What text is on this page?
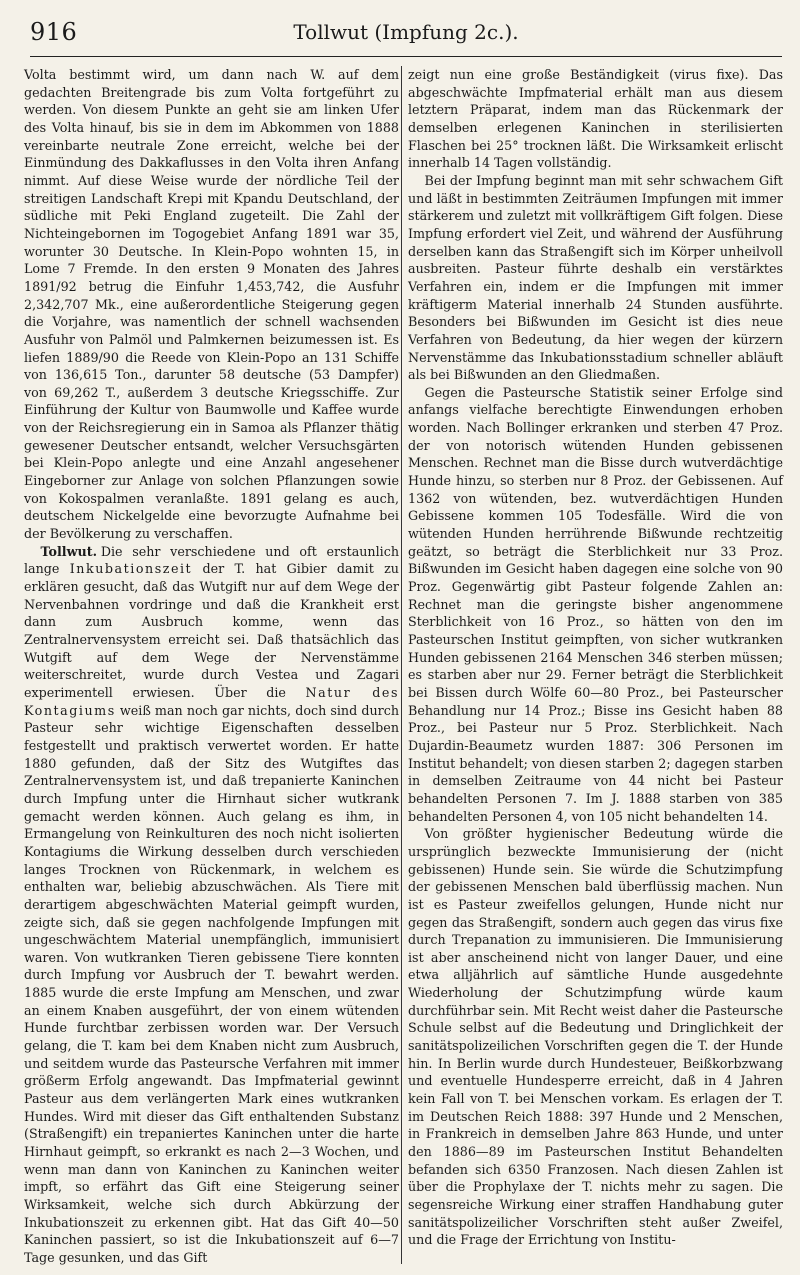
916	Tollwut (Impfung 2c.).

Volta bestimmt wird, um dann nach W. auf dem gedachten Breitengrade bis zum Volta fortgeführt zu werden. Von diesem Punkte an geht sie am linken Ufer des Volta hinauf, bis sie in dem im Abkommen von 1888 vereinbarte neutrale Zone erreicht, welche bei der Einmündung des Dakkaflusses in den Volta ihren Anfang nimmt. Auf diese Weise wurde der nördliche Teil der streitigen Landschaft Krepi mit Kpandu Deutschland, der südliche mit Peki England zugeteilt. Die Zahl der Nichteingebornen im Togogebiet Anfang 1891 war 35, worunter 30 Deutsche. In Klein-Popo wohnten 15, in Lome 7 Fremde. In den ersten 9 Monaten des Jahres 1891/92 betrug die Einfuhr 1,453,742, die Ausfuhr 2,342,707 Mk., eine außerordentliche Steigerung gegen die Vorjahre, was namentlich der schnell wachsenden Ausfuhr von Palmöl und Palmkernen beizumessen ist. Es liefen 1889/90 die Reede von Klein-Popo an 131 Schiffe von 136,615 Ton., darunter 58 deutsche (53 Dampfer) von 69,262 T., außerdem 3 deutsche Kriegsschiffe. Zur Einführung der Kultur von Baumwolle und Kaffee wurde von der Reichsregierung ein in Samoa als Pflanzer thätig gewesener Deutscher entsandt, welcher Versuchsgärten bei Klein-Popo anlegte und eine Anzahl angesehener Eingeborner zur Anlage von solchen Pflanzungen sowie von Kokospalmen veranlaßte. 1891 gelang es auch, deutschem Nickelgelde eine bevorzugte Aufnahme bei der Bevölkerung zu verschaffen.

Tollwut. Die sehr verschiedene und oft erstaunlich lange Inkubationszeit der T. hat Gibier damit zu erklären gesucht, daß das Wutgift nur auf dem Wege der Nervenbahnen vordringe und daß die Krankheit erst dann zum Ausbruch komme, wenn das Zentralnervensystem erreicht sei. Daß thatsächlich das Wutgift auf dem Wege der Nervenstämme weiterschreitet, wurde durch Vestea und Zagari experimentell erwiesen. Über die Natur des Kontagiums weiß man noch gar nichts, doch sind durch Pasteur sehr wichtige Eigenschaften desselben festgestellt und praktisch verwertet worden. Er hatte 1880 gefunden, daß der Sitz des Wutgiftes das Zentralnervensystem ist, und daß trepanierte Kaninchen durch Impfung unter die Hirnhaut sicher wutkrank gemacht werden können. Auch gelang es ihm, in Ermangelung von Reinkulturen des noch nicht isolierten Kontagiums die Wirkung desselben durch verschieden langes Trocknen von Rückenmark, in welchem es enthalten war, beliebig abzuschwächen. Als Tiere mit derartigem abgeschwächten Material geimpft wurden, zeigte sich, daß sie gegen nachfolgende Impfungen mit ungeschwächtem Material unempfänglich, immunisiert waren. Von wutkranken Tieren gebissene Tiere konnten durch Impfung vor Ausbruch der T. bewahrt werden. 1885 wurde die erste Impfung am Menschen, und zwar an einem Knaben ausgeführt, der von einem wütenden Hunde furchtbar zerbissen worden war. Der Versuch gelang, die T. kam bei dem Knaben nicht zum Ausbruch, und seitdem wurde das Pasteursche Verfahren mit immer größerm Erfolg angewandt. Das Impfmaterial gewinnt Pasteur aus dem verlängerten Mark eines wutkranken Hundes. Wird mit dieser das Gift enthaltenden Substanz (Straßengift) ein trepaniertes Kaninchen unter die harte Hirnhaut geimpft, so erkrankt es nach 2—3 Wochen, und wenn man dann von Kaninchen zu Kaninchen weiter impft, so erfährt das Gift eine Steigerung seiner Wirksamkeit, welche sich durch Abkürzung der Inkubationszeit zu erkennen gibt. Hat das Gift 40—50 Kaninchen passiert, so ist die Inkubationszeit auf 6—7 Tage gesunken, und das Gift

zeigt nun eine große Beständigkeit (virus fixe). Das abgeschwächte Impfmaterial erhält man aus diesem letztern Präparat, indem man das Rückenmark der demselben erlegenen Kaninchen in sterilisierten Flaschen bei 25° trocknen läßt. Die Wirksamkeit erlischt innerhalb 14 Tagen vollständig.

Bei der Impfung beginnt man mit sehr schwachem Gift und läßt in bestimmten Zeiträumen Impfungen mit immer stärkerem und zuletzt mit vollkräftigem Gift folgen. Diese Impfung erfordert viel Zeit, und während der Ausführung derselben kann das Straßengift sich im Körper unheilvoll ausbreiten. Pasteur führte deshalb ein verstärktes Verfahren ein, indem er die Impfungen mit immer kräftigerm Material innerhalb 24 Stunden ausführte. Besonders bei Bißwunden im Gesicht ist dies neue Verfahren von Bedeutung, da hier wegen der kürzern Nervenstämme das Inkubationsstadium schneller abläuft als bei Bißwunden an den Gliedmaßen.

Gegen die Pasteursche Statistik seiner Erfolge sind anfangs vielfache berechtigte Einwendungen erhoben worden. Nach Bollinger erkranken und sterben 47 Proz. der von notorisch wütenden Hunden gebissenen Menschen. Rechnet man die Bisse durch wutverdächtige Hunde hinzu, so sterben nur 8 Proz. der Gebissenen. Auf 1362 von wütenden, bez. wutverdächtigen Hunden Gebissene kommen 105 Todesfälle. Wird die von wütenden Hunden herrührende Bißwunde rechtzeitig geätzt, so beträgt die Sterblichkeit nur 33 Proz. Bißwunden im Gesicht haben dagegen eine solche von 90 Proz. Gegenwärtig gibt Pasteur folgende Zahlen an: Rechnet man die geringste bisher angenommene Sterblichkeit von 16 Proz., so hätten von den im Pasteurschen Institut geimpften, von sicher wutkranken Hunden gebissenen 2164 Menschen 346 sterben müssen; es starben aber nur 29. Ferner beträgt die Sterblichkeit bei Bissen durch Wölfe 60—80 Proz., bei Pasteurscher Behandlung nur 14 Proz.; Bisse ins Gesicht haben 88 Proz., bei Pasteur nur 5 Proz. Sterblichkeit. Nach Dujardin-Beaumetz wurden 1887: 306 Personen im Institut behandelt; von diesen starben 2; dagegen starben in demselben Zeitraume von 44 nicht bei Pasteur behandelten Personen 7. Im J. 1888 starben von 385 behandelten Personen 4, von 105 nicht behandelten 14.

Von größter hygienischer Bedeutung würde die ursprünglich bezweckte Immunisierung der (nicht gebissenen) Hunde sein. Sie würde die Schutzimpfung der gebissenen Menschen bald überflüssig machen. Nun ist es Pasteur zweifellos gelungen, Hunde nicht nur gegen das Straßengift, sondern auch gegen das virus fixe durch Trepanation zu immunisieren. Die Immunisierung ist aber anscheinend nicht von langer Dauer, und eine etwa alljährlich auf sämtliche Hunde ausgedehnte Wiederholung der Schutzimpfung würde kaum durchführbar sein. Mit Recht weist daher die Pasteursche Schule selbst auf die Bedeutung und Dringlichkeit der sanitätspolizeilichen Vorschriften gegen die T. der Hunde hin. In Berlin wurde durch Hundesteuer, Beißkorbzwang und eventuelle Hundesperre erreicht, daß in 4 Jahren kein Fall von T. bei Menschen vorkam. Es erlagen der T. im Deutschen Reich 1888: 397 Hunde und 2 Menschen, in Frankreich in demselben Jahre 863 Hunde, und unter den 1886—89 im Pasteurschen Institut Behandelten befanden sich 6350 Franzosen. Nach diesen Zahlen ist über die Prophylaxe der T. nichts mehr zu sagen. Die segensreiche Wirkung einer straffen Handhabung guter sanitätspolizeilicher Vorschriften steht außer Zweifel, und die Frage der Errichtung von Institu-
